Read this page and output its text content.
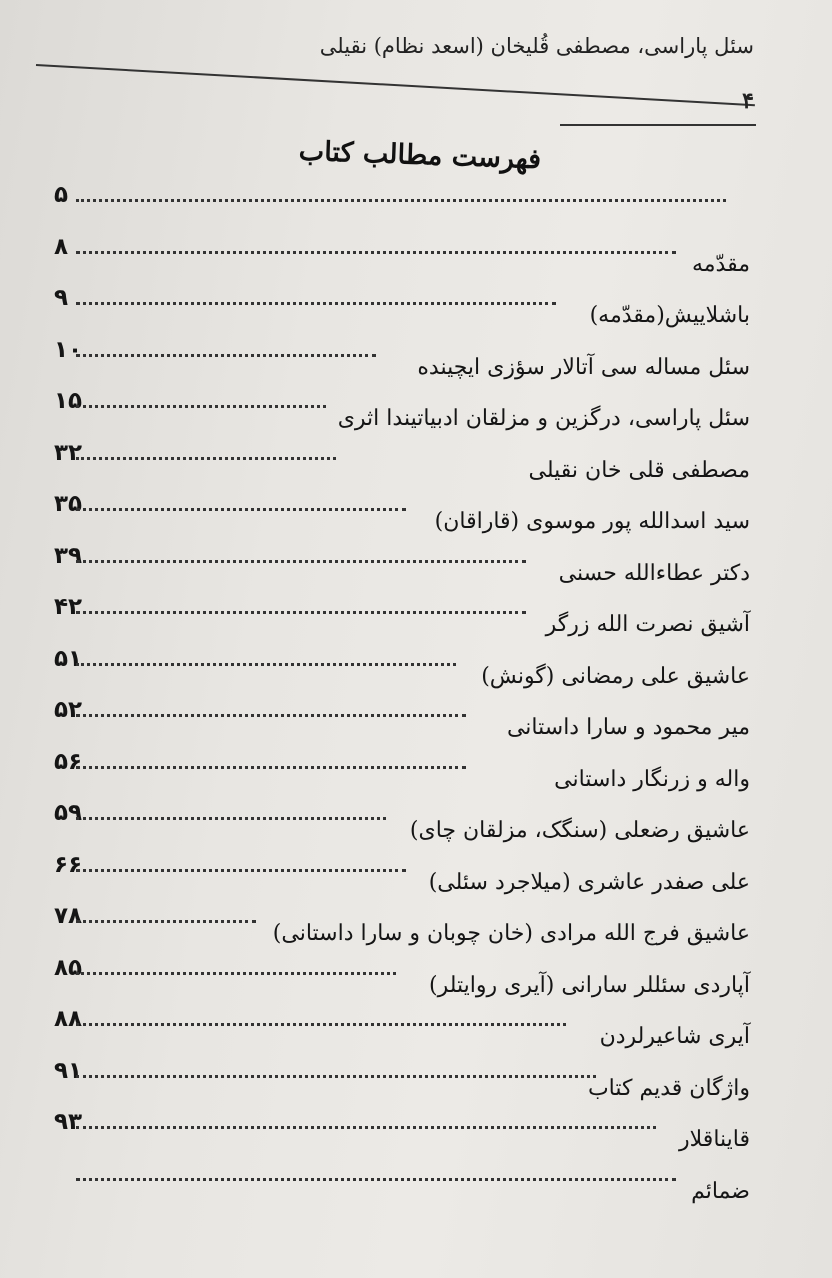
سئل پاراسی، مصطفی قُلیخان (اسعد نظام) نقیلی
۴
فهرست مطالب کتاب
۵
۸
مقدّمه
۹
باشلاییش(مقدّمه)
۱۰
سئل مساله سی آتالار سؤزی ایچینده
۱۵
سئل پاراسی، درگزین و مزلقان ادبیاتیندا اثری
۳۲
مصطفی قلی خان نقیلی
۳۵
سید اسدالله پور موسوی (قاراقان)
۳۹
دکتر عطاءالله حسنی
۴۲
آشیق نصرت الله زرگر
۵۱
عاشیق علی رمضانی (گونش)
۵۲
میر محمود و سارا داستانی
۵۶
واله و زرنگار داستانی
۵۹
عاشیق رضعلی (سنگک، مزلقان چای)
۶۶
علی صفدر عاشری (میلاجرد سئلی)
۷۸
عاشیق فرج الله مرادی (خان چوبان و سارا داستانی)
۸۵
آپاردی سئللر سارانی (آیری روایتلر)
۸۸
آیری شاعیرلردن
۹۱
واژگان قدیم کتاب
۹۳
قایناقلار
ضمائم
